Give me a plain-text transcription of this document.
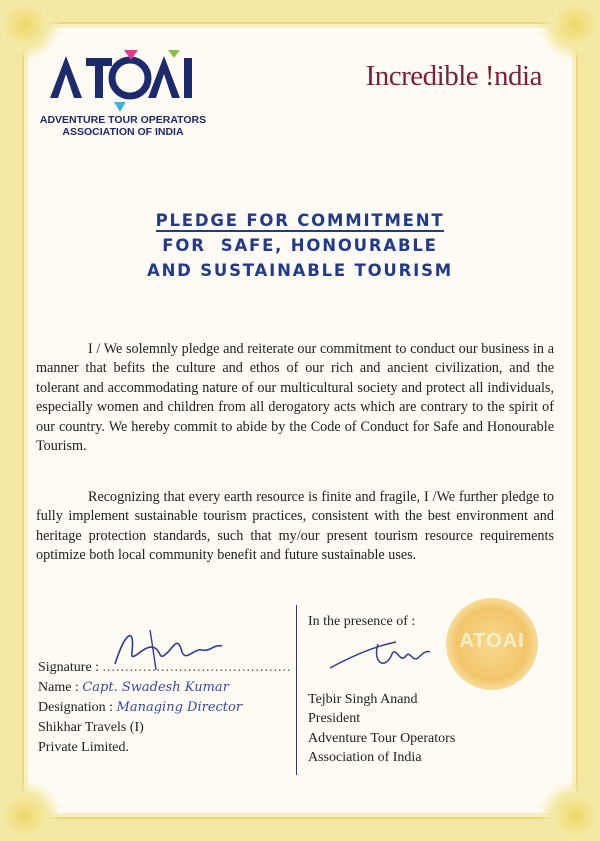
ADVENTURE TOUR OPERATORS
ASSOCIATION OF INDIA
Incredible !ndia
PLEDGE FOR COMMITMENT
FOR  SAFE, HONOURABLE
AND SUSTAINABLE TOURISM
I / We solemnly pledge and reiterate our commitment to conduct our business in a manner that befits the culture and ethos of our rich and ancient civilization, and the tolerant and accommodating nature of our multicultural society and protect all individuals, especially women and children from all derogatory acts which are contrary to the spirit of our country. We hereby commit to abide by the Code of Conduct for Safe and Honourable Tourism.
Recognizing that every earth resource is finite and fragile, I /We further pledge to fully implement sustainable tourism practices, consistent with the best environment and heritage protection standards, such that my/our present tourism resource requirements optimize both local community benefit and future sustainable uses.
Signature : ..........................................
Name : Capt. Swadesh Kumar
Designation : Managing Director
Shikhar Travels (I)
Private Limited.
ATOAI
In the presence of :
Tejbir Singh Anand
President
Adventure Tour Operators
Association of India
